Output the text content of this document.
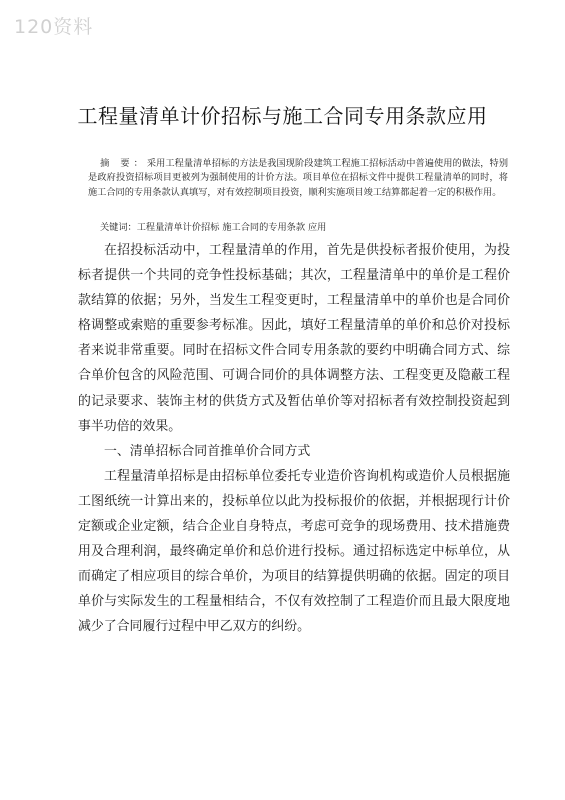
120资料
工程量清单计价招标与施工合同专用条款应用
摘 要：采用工程量清单招标的方法是我国现阶段建筑工程施工招标活动中普遍使用的做法，特别是政府投资招标项目更被列为强制使用的计价方法。项目单位在招标文件中提供工程量清单的同时，将施工合同的专用条款认真填写，对有效控制项目投资，顺利实施项目竣工结算都起着一定的积极作用。
关键词：工程量清单计价招标 施工合同的专用条款 应用

在招投标活动中，工程量清单的作用，首先是供投标者报价使用，为投标者提供一个共同的竞争性投标基础；其次，工程量清单中的单价是工程价款结算的依据；另外，当发生工程变更时，工程量清单中的单价也是合同价格调整或索赔的重要参考标准。因此，填好工程量清单的单价和总价对投标者来说非常重要。同时在招标文件合同专用条款的要约中明确合同方式、综合单价包含的风险范围、可调合同价的具体调整方法、工程变更及隐蔽工程的记录要求、装饰主材的供货方式及暂估单价等对招标者有效控制投资起到事半功倍的效果。

一、清单招标合同首推单价合同方式

工程量清单招标是由招标单位委托专业造价咨询机构或造价人员根据施工图纸统一计算出来的，投标单位以此为投标报价的依据，并根据现行计价定额或企业定额，结合企业自身特点，考虑可竞争的现场费用、技术措施费用及合理利润，最终确定单价和总价进行投标。通过招标选定中标单位，从而确定了相应项目的综合单价，为项目的结算提供明确的依据。固定的项目单价与实际发生的工程量相结合，不仅有效控制了工程造价而且最大限度地减少了合同履行过程中甲乙双方的纠纷。
